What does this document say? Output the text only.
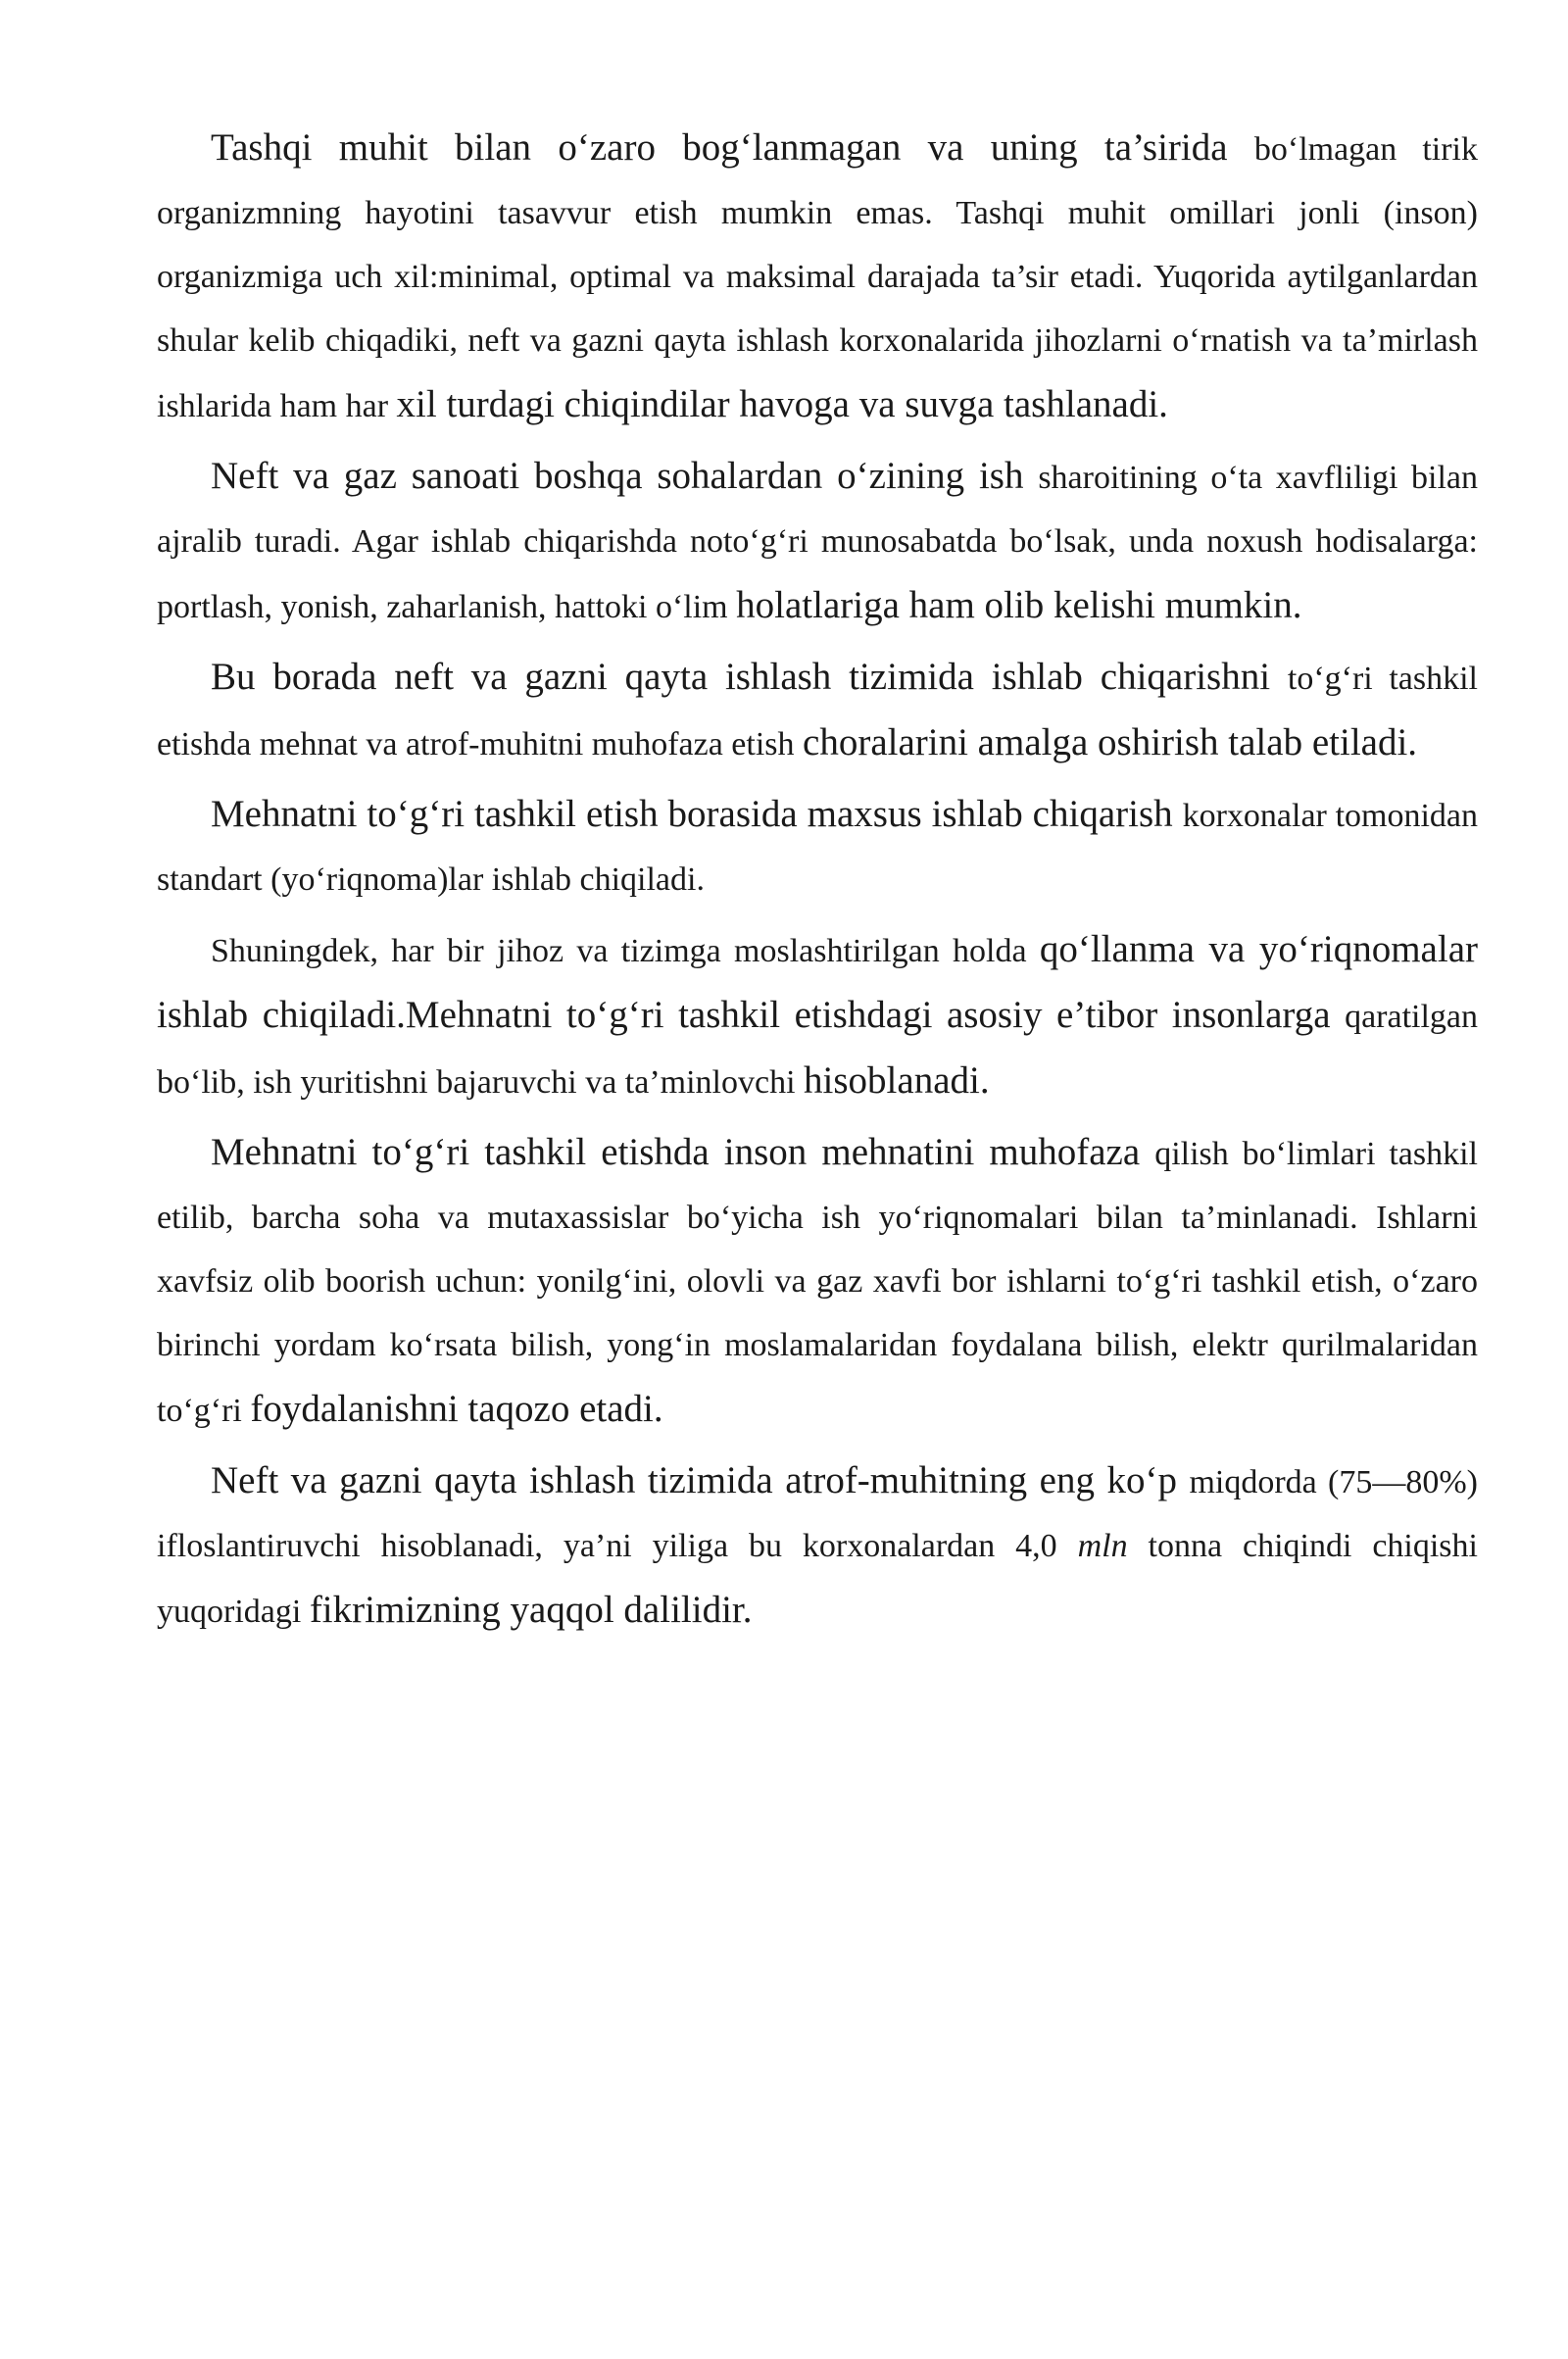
Tashqi muhit bilan o‘zaro bog‘lanmagan va uning ta’sirida bo‘lmagan tirik organizmning hayotini tasavvur etish mumkin emas. Tashqi muhit omillari jonli (inson) organizmiga uch xil:minimal, optimal va maksimal darajada ta’sir etadi. Yuqorida aytilganlardan shular kelib chiqadiki, neft va gazni qayta ishlash korxonalarida jihozlarni o‘rnatish va ta’mirlash ishlarida ham har xil turdagi chiqindilar havoga va suvga tashlanadi.

Neft va gaz sanoati boshqa sohalardan o‘zining ish sharoitining o‘ta xavfliligi bilan ajralib turadi. Agar ishlab chiqarishda noto‘g‘ri munosabatda bo‘lsak, unda noxush hodisalarga: portlash, yonish, zaharlanish, hattoki o‘lim holatlariga ham olib kelishi mumkin.

Bu borada neft va gazni qayta ishlash tizimida ishlab chiqarishni to‘g‘ri tashkil etishda mehnat va atrof-muhitni muhofaza etish choralarini amalga oshirish talab etiladi.

Mehnatni to‘g‘ri tashkil etish borasida maxsus ishlab chiqarish korxonalar tomonidan standart (yo‘riqnoma)lar ishlab chiqiladi.

Shuningdek, har bir jihoz va tizimga moslashtirilgan holda qo‘llanma va yo‘riqnomalar ishlab chiqiladi.Mehnatni to‘g‘ri tashkil etishdagi asosiy e’tibor insonlarga qaratilgan bo‘lib, ish yuritishni bajaruvchi va ta’minlovchi hisoblanadi.

Mehnatni to‘g‘ri tashkil etishda inson mehnatini muhofaza qilish bo‘limlari tashkil etilib, barcha soha va mutaxassislar bo‘yicha ish yo‘riqnomalari bilan ta’minlanadi. Ishlarni xavfsiz olib boorish uchun: yonilg‘ini, olovli va gaz xavfi bor ishlarni to‘g‘ri tashkil etish, o‘zaro birinchi yordam ko‘rsata bilish, yong‘in moslamalaridan foydalana bilish, elektr qurilmalaridan to‘g‘ri foydalanishni taqozo etadi.

Neft va gazni qayta ishlash tizimida atrof-muhitning eng ko‘p miqdorda (75—80%) ifloslantiruvchi hisoblanadi, ya’ni yiliga bu korxonalardan 4,0 mln tonna chiqindi chiqishi yuqoridagi fikrimizning yaqqol dalilidir.
